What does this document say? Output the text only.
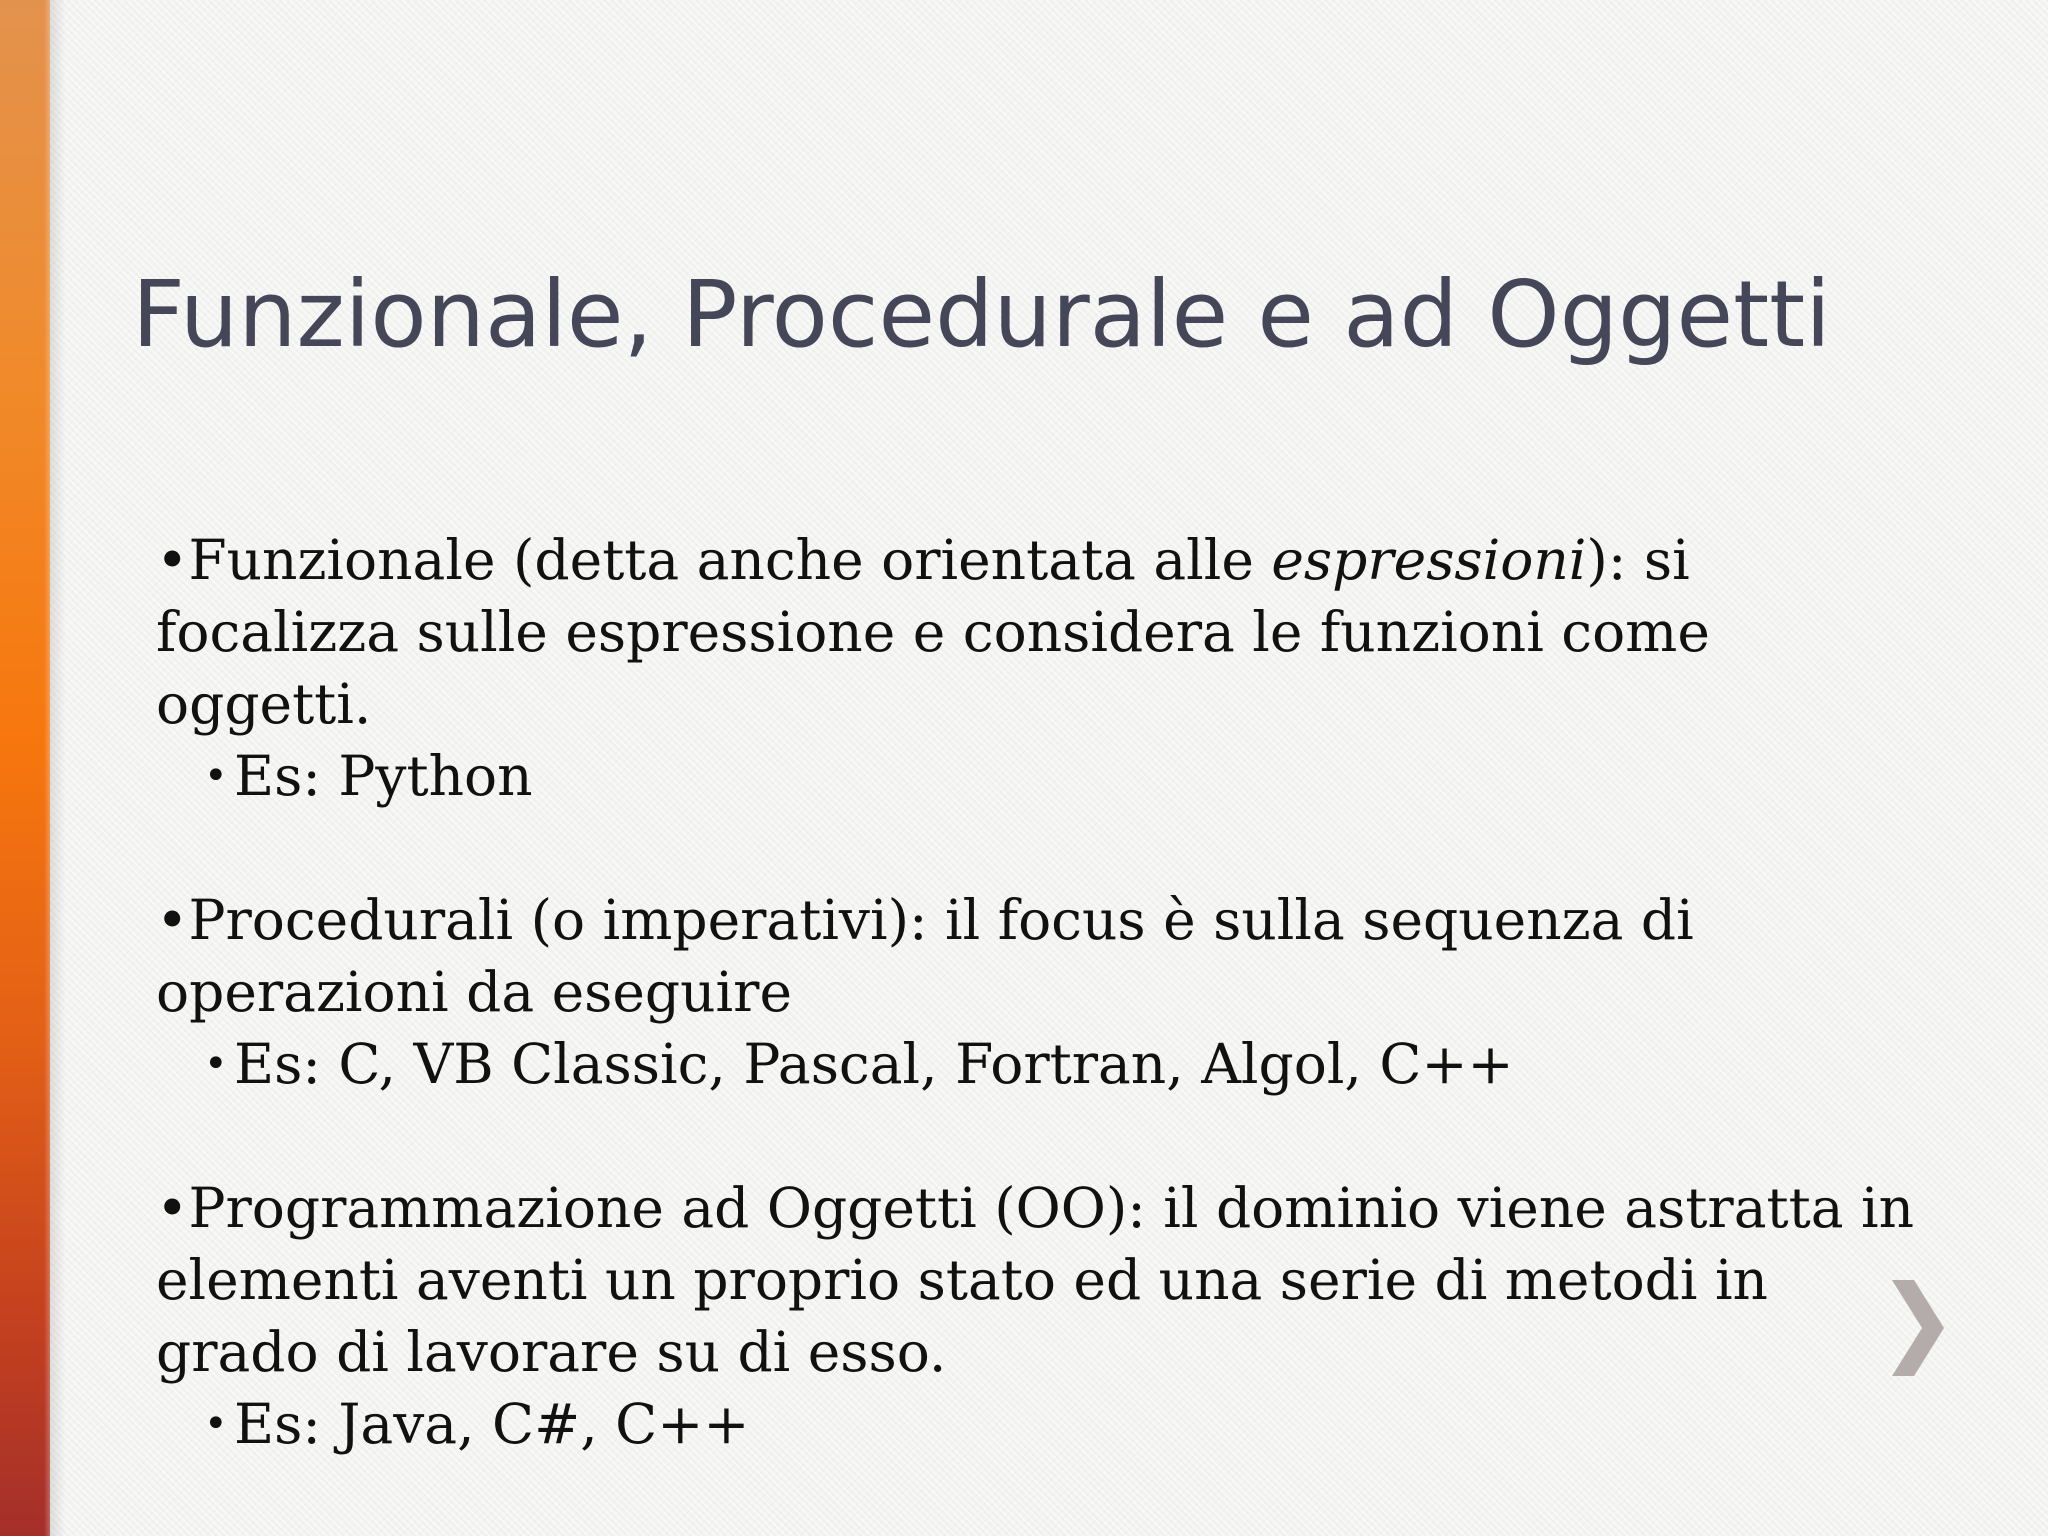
Funzionale, Procedurale e ad Oggetti

•Funzionale (detta anche orientata alle espressioni): si focalizza sulle espressione e considera le funzioni come oggetti.

• Es: Python

•Procedurali (o imperativi): il focus è sulla sequenza di operazioni da eseguire

• Es: C, VB Classic, Pascal, Fortran, Algol, C++

•Programmazione ad Oggetti (OO): il dominio viene astratta in elementi aventi un proprio stato ed una serie di metodi in grado di lavorare su di esso.

• Es: Java, C#, C++
